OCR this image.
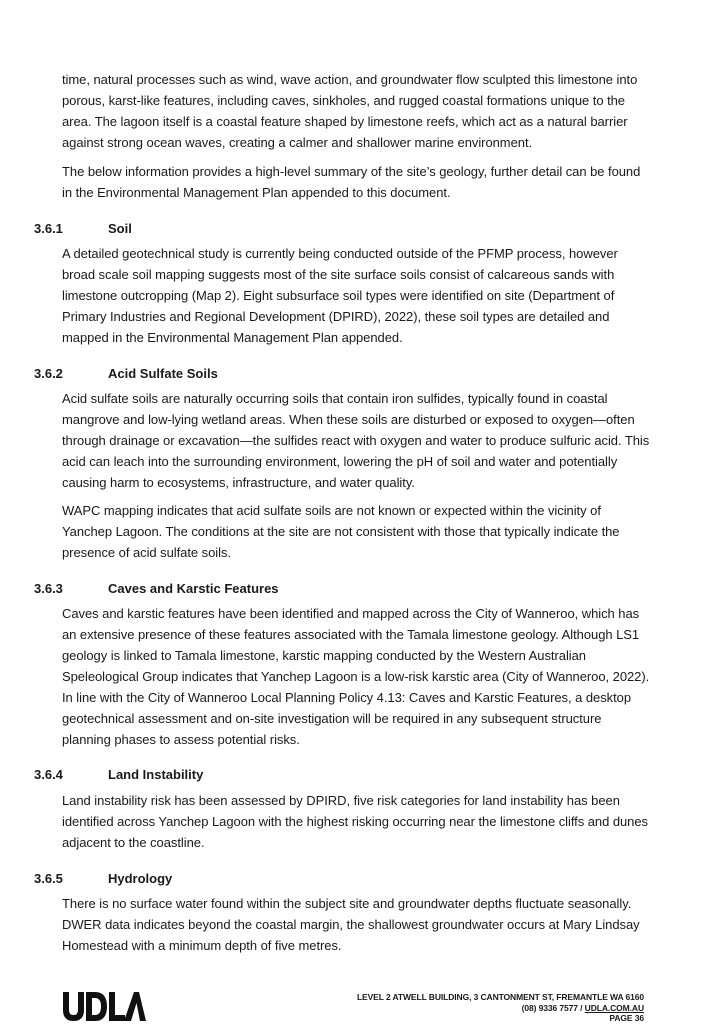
time, natural processes such as wind, wave action, and groundwater flow sculpted this limestone into porous, karst-like features, including caves, sinkholes, and rugged coastal formations unique to the area. The lagoon itself is a coastal feature shaped by limestone reefs, which act as a natural barrier against strong ocean waves, creating a calmer and shallower marine environment.

The below information provides a high-level summary of the site’s geology, further detail can be found in the Environmental Management Plan appended to this document.

3.6.1	Soil

A detailed geotechnical study is currently being conducted outside of the PFMP process, however broad scale soil mapping suggests most of the site surface soils consist of calcareous sands with limestone outcropping (Map 2). Eight subsurface soil types were identified on site (Department of Primary Industries and Regional Development (DPIRD), 2022), these soil types are detailed and mapped in the Environmental Management Plan appended.

3.6.2	Acid Sulfate Soils

Acid sulfate soils are naturally occurring soils that contain iron sulfides, typically found in coastal mangrove and low-lying wetland areas. When these soils are disturbed or exposed to oxygen—often through drainage or excavation—the sulfides react with oxygen and water to produce sulfuric acid. This acid can leach into the surrounding environment, lowering the pH of soil and water and potentially causing harm to ecosystems, infrastructure, and water quality.

WAPC mapping indicates that acid sulfate soils are not known or expected within the vicinity of Yanchep Lagoon. The conditions at the site are not consistent with those that typically indicate the presence of acid sulfate soils.

3.6.3	Caves and Karstic Features

Caves and karstic features have been identified and mapped across the City of Wanneroo, which has an extensive presence of these features associated with the Tamala limestone geology. Although LS1 geology is linked to Tamala limestone, karstic mapping conducted by the Western Australian Speleological Group indicates that Yanchep Lagoon is a low-risk karstic area (City of Wanneroo, 2022). In line with the City of Wanneroo Local Planning Policy 4.13: Caves and Karstic Features, a desktop geotechnical assessment and on-site investigation will be required in any subsequent structure planning phases to assess potential risks.

3.6.4	Land Instability

Land instability risk has been assessed by DPIRD, five risk categories for land instability has been identified across Yanchep Lagoon with the highest risking occurring near the limestone cliffs and dunes adjacent to the coastline.

3.6.5	Hydrology

There is no surface water found within the subject site and groundwater depths fluctuate seasonally. DWER data indicates beyond the coastal margin, the shallowest groundwater occurs at Mary Lindsay Homestead with a minimum depth of five metres.

LEVEL 2 ATWELL BUILDING, 3 CANTONMENT ST, FREMANTLE WA 6160
(08) 9336 7577 / UDLA.COM.AU
PAGE 36
